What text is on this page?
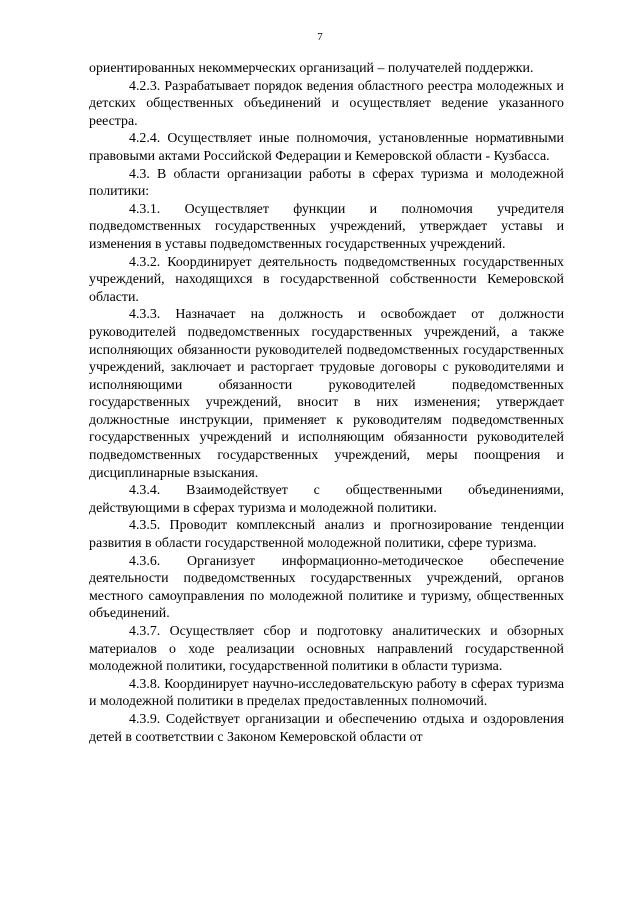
7

ориентированных некоммерческих организаций – получателей поддержки.

4.2.3. Разрабатывает порядок ведения областного реестра молодежных и детских общественных объединений и осуществляет ведение указанного реестра.

4.2.4. Осуществляет иные полномочия, установленные нормативными правовыми актами Российской Федерации и Кемеровской области - Кузбасса.

4.3. В области организации работы в сферах туризма и молодежной политики:

4.3.1. Осуществляет функции и полномочия учредителя подведомственных государственных учреждений, утверждает уставы и изменения в уставы подведомственных государственных учреждений.

4.3.2. Координирует деятельность подведомственных государственных учреждений, находящихся в государственной собственности Кемеровской области.

4.3.3. Назначает на должность и освобождает от должности руководителей подведомственных государственных учреждений, а также исполняющих обязанности руководителей подведомственных государственных учреждений, заключает и расторгает трудовые договоры с руководителями и исполняющими обязанности руководителей подведомственных государственных учреждений, вносит в них изменения; утверждает должностные инструкции, применяет к руководителям подведомственных государственных учреждений и исполняющим обязанности руководителей подведомственных государственных учреждений, меры поощрения и дисциплинарные взыскания.

4.3.4. Взаимодействует с общественными объединениями, действующими в сферах туризма и молодежной политики.

4.3.5. Проводит комплексный анализ и прогнозирование тенденции развития в области государственной молодежной политики, сфере туризма.

4.3.6. Организует информационно-методическое обеспечение деятельности подведомственных государственных учреждений, органов местного самоуправления по молодежной политике и туризму, общественных объединений.

4.3.7. Осуществляет сбор и подготовку аналитических и обзорных материалов о ходе реализации основных направлений государственной молодежной политики, государственной политики в области туризма.

4.3.8. Координирует научно-исследовательскую работу в сферах туризма и молодежной политики в пределах предоставленных полномочий.

4.3.9. Содействует организации и обеспечению отдыха и оздоровления детей в соответствии с Законом Кемеровской области от
